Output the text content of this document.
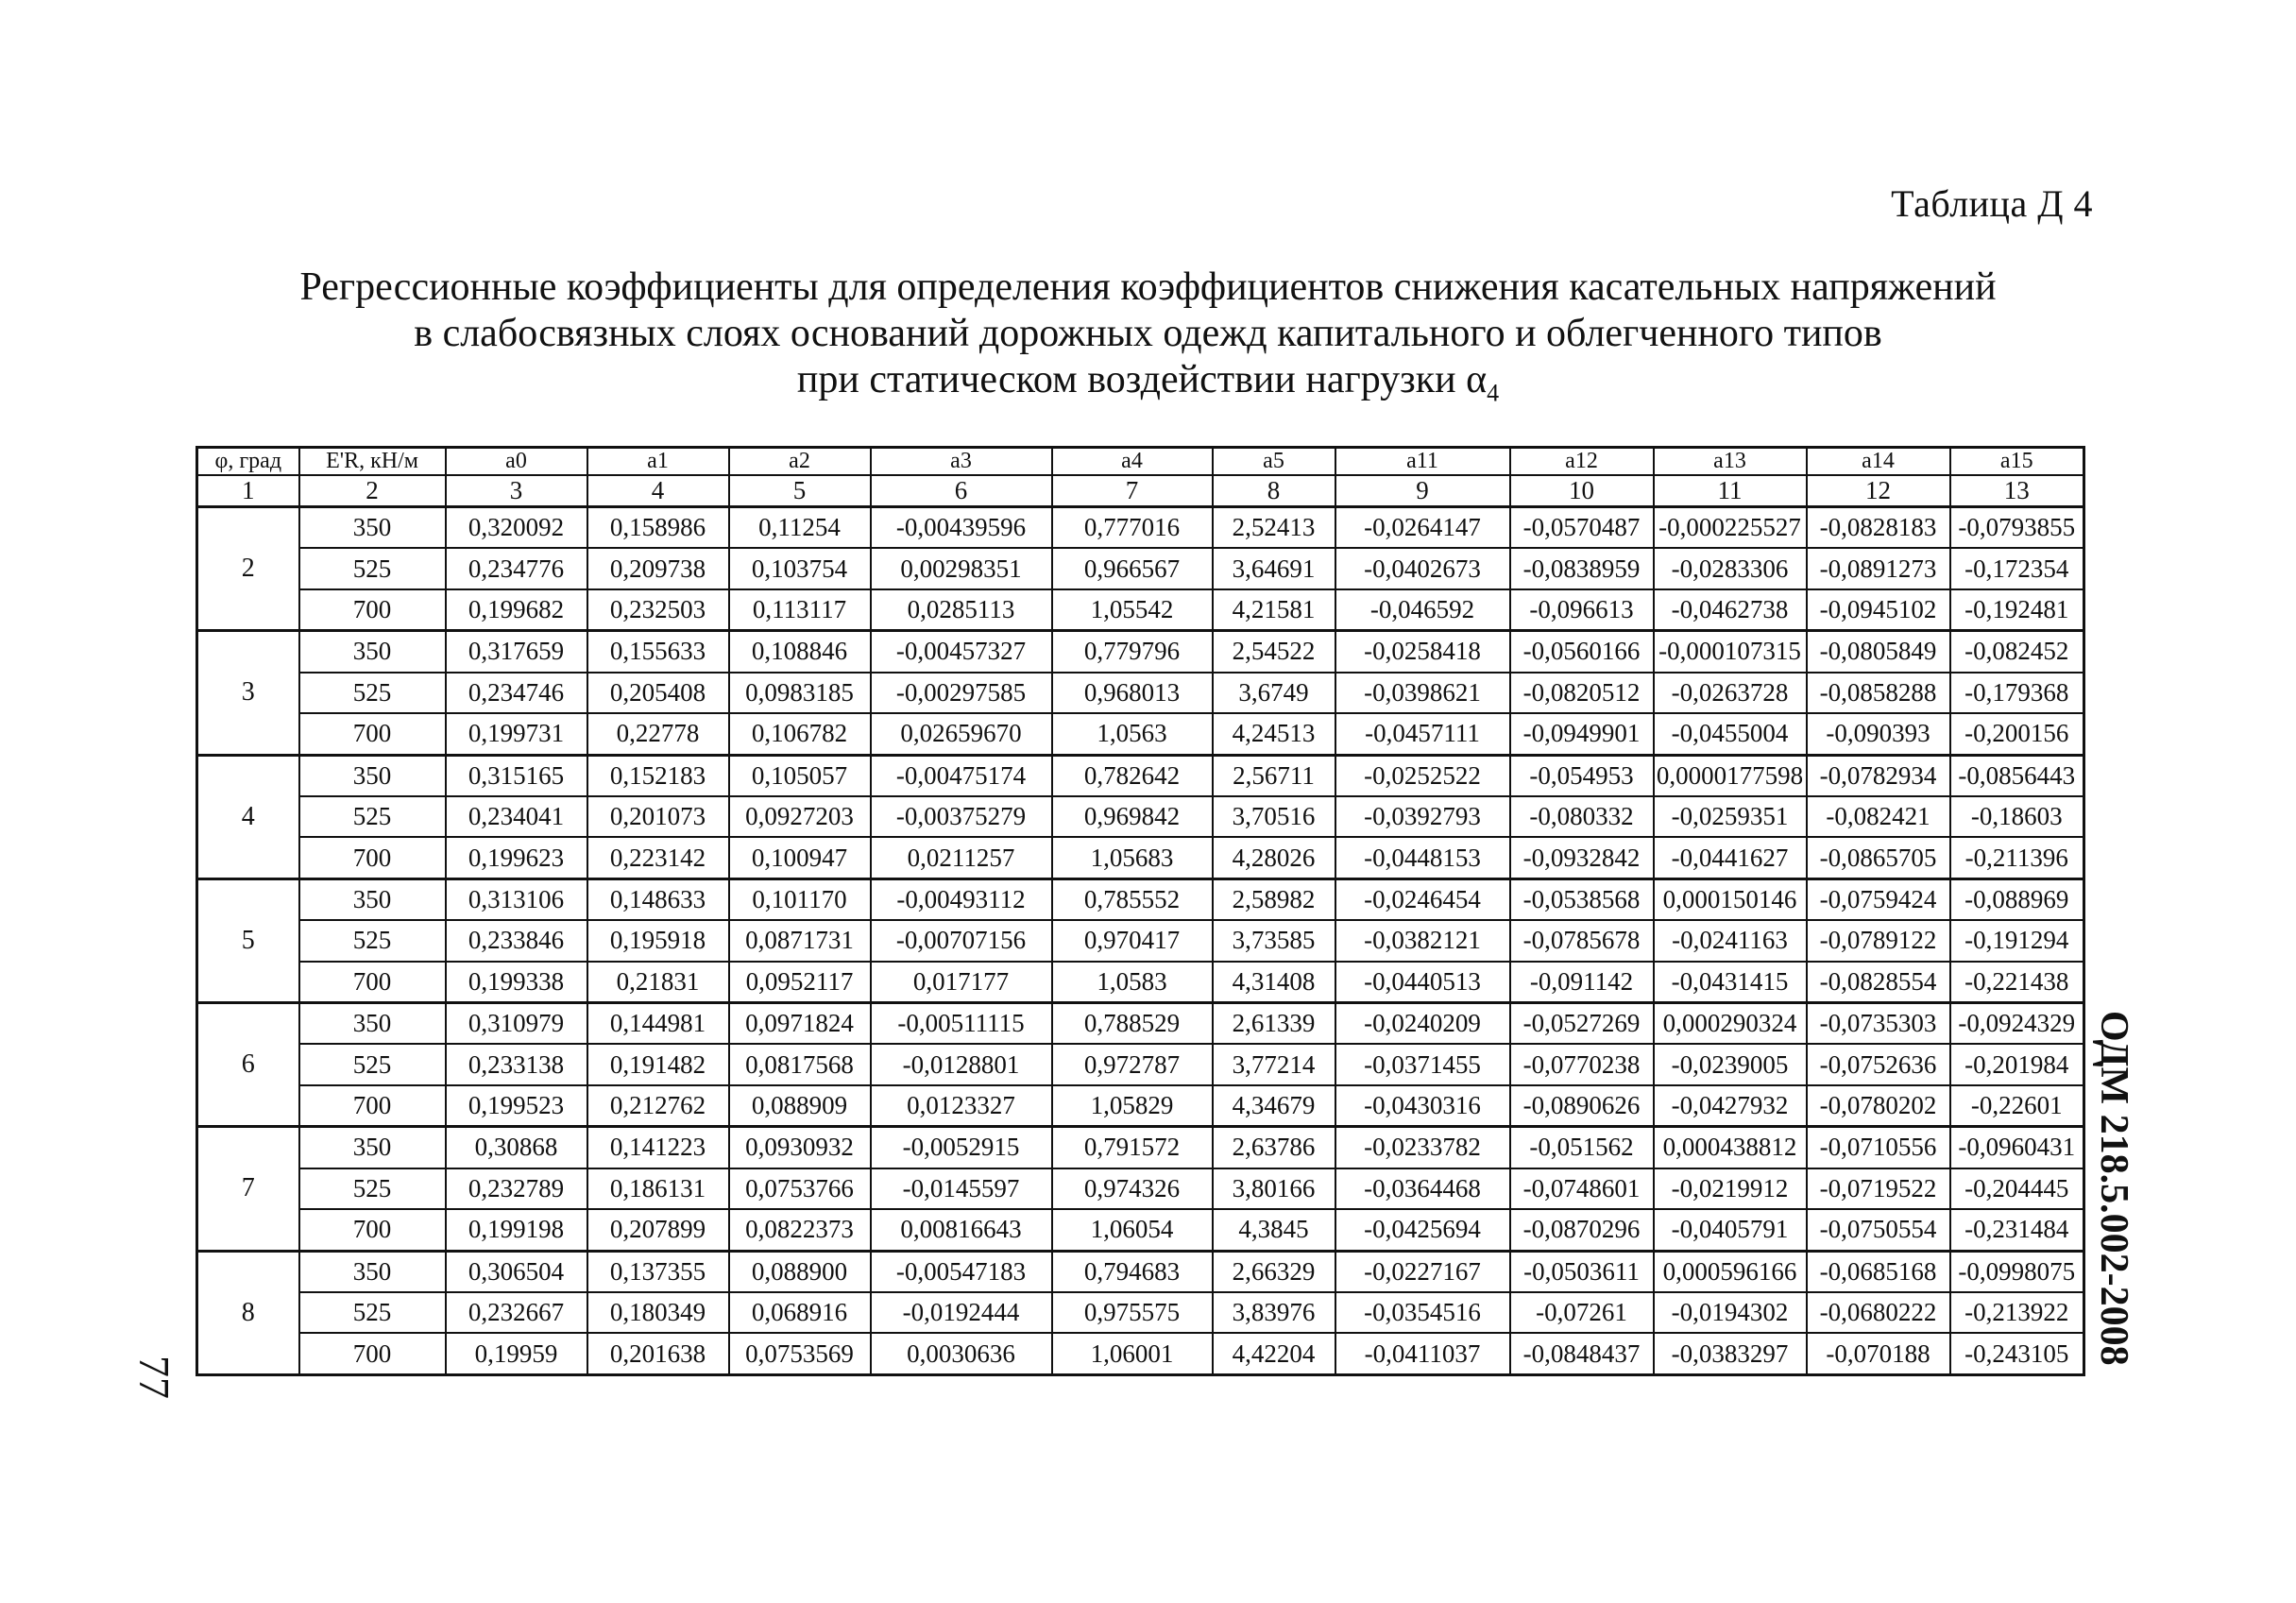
Таблица Д 4
Регрессионные коэффициенты для определения коэффициентов снижения касательных напряжений
в слабосвязных слоях оснований дорожных одежд капитального и облегченного типов
при статическом воздействии нагрузки $\alpha_4$
φ, град	E'R, кН/м	a0	a1	a2	a3	a4	a5	a11	a12	a13	a14	a15
1	2	3	4	5	6	7	8	9	10	11	12	13
2	350	0,320092	0,158986	0,11254	-0,00439596	0,777016	2,52413	-0,0264147	-0,0570487	-0,000225527	-0,0828183	-0,0793855
	525	0,234776	0,209738	0,103754	0,00298351	0,966567	3,64691	-0,0402673	-0,0838959	-0,0283306	-0,0891273	-0,172354
	700	0,199682	0,232503	0,113117	0,0285113	1,05542	4,21581	-0,046592	-0,096613	-0,0462738	-0,0945102	-0,192481
3	350	0,317659	0,155633	0,108846	-0,00457327	0,779796	2,54522	-0,0258418	-0,0560166	-0,000107315	-0,0805849	-0,082452
	525	0,234746	0,205408	0,0983185	-0,00297585	0,968013	3,6749	-0,0398621	-0,0820512	-0,0263728	-0,0858288	-0,179368
	700	0,199731	0,22778	0,106782	0,02659670	1,0563	4,24513	-0,0457111	-0,0949901	-0,0455004	-0,090393	-0,200156
4	350	0,315165	0,152183	0,105057	-0,00475174	0,782642	2,56711	-0,0252522	-0,054953	0,0000177598	-0,0782934	-0,0856443
	525	0,234041	0,201073	0,0927203	-0,00375279	0,969842	3,70516	-0,0392793	-0,080332	-0,0259351	-0,082421	-0,18603
	700	0,199623	0,223142	0,100947	0,0211257	1,05683	4,28026	-0,0448153	-0,0932842	-0,0441627	-0,0865705	-0,211396
5	350	0,313106	0,148633	0,101170	-0,00493112	0,785552	2,58982	-0,0246454	-0,0538568	0,000150146	-0,0759424	-0,088969
	525	0,233846	0,195918	0,0871731	-0,00707156	0,970417	3,73585	-0,0382121	-0,0785678	-0,0241163	-0,0789122	-0,191294
	700	0,199338	0,21831	0,0952117	0,017177	1,0583	4,31408	-0,0440513	-0,091142	-0,0431415	-0,0828554	-0,221438
6	350	0,310979	0,144981	0,0971824	-0,00511115	0,788529	2,61339	-0,0240209	-0,0527269	0,000290324	-0,0735303	-0,0924329
	525	0,233138	0,191482	0,0817568	-0,0128801	0,972787	3,77214	-0,0371455	-0,0770238	-0,0239005	-0,0752636	-0,201984
	700	0,199523	0,212762	0,088909	0,0123327	1,05829	4,34679	-0,0430316	-0,0890626	-0,0427932	-0,0780202	-0,22601
7	350	0,30868	0,141223	0,0930932	-0,0052915	0,791572	2,63786	-0,0233782	-0,051562	0,000438812	-0,0710556	-0,0960431
	525	0,232789	0,186131	0,0753766	-0,0145597	0,974326	3,80166	-0,0364468	-0,0748601	-0,0219912	-0,0719522	-0,204445
	700	0,199198	0,207899	0,0822373	0,00816643	1,06054	4,3845	-0,0425694	-0,0870296	-0,0405791	-0,0750554	-0,231484
8	350	0,306504	0,137355	0,088900	-0,00547183	0,794683	2,66329	-0,0227167	-0,0503611	0,000596166	-0,0685168	-0,0998075
	525	0,232667	0,180349	0,068916	-0,0192444	0,975575	3,83976	-0,0354516	-0,07261	-0,0194302	-0,0680222	-0,213922
	700	0,19959	0,201638	0,0753569	0,0030636	1,06001	4,42204	-0,0411037	-0,0848437	-0,0383297	-0,070188	-0,243105 ОДМ 218.5.002-2008
77
